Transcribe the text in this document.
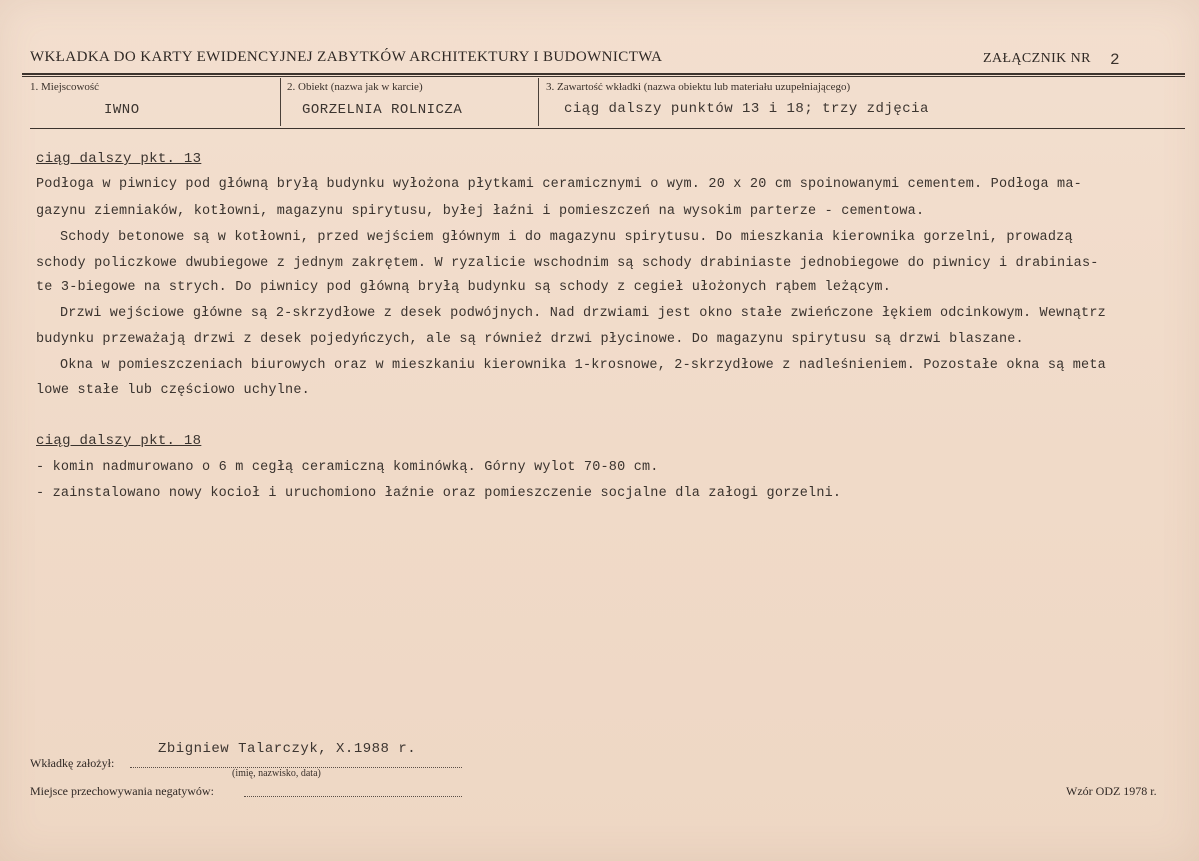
WKŁADKA DO KARTY EWIDENCYJNEJ ZABYTKÓW ARCHITEKTURY I BUDOWNICTWA	ZAŁĄCZNIK NR 2
1. Miejscowość
IWNO
2. Obiekt (nazwa jak w karcie)
GORZELNIA ROLNICZA
3. Zawartość wkładki (nazwa obiektu lub materiału uzupełniającego)
ciąg dalszy punktów 13 i 18; trzy zdjęcia
ciąg dalszy pkt. 13
Podłoga w piwnicy pod główną bryłą budynku wyłożona płytkami ceramicznymi o wym. 20 x 20 cm spoinowanymi cementem. Podłoga ma-
gazynu ziemniaków, kotłowni, magazynu spirytusu, byłej łaźni i pomieszczeń na wysokim parterze - cementowa.
Schody betonowe są w kotłowni, przed wejściem głównym i do magazynu spirytusu. Do mieszkania kierownika gorzelni, prowadzą
schody policzkowe dwubiegowe z jednym zakrętem. W ryzalicie wschodnim są schody drabiniaste jednobiegowe do piwnicy i drabinias-
te 3-biegowe na strych. Do piwnicy pod główną bryłą budynku są schody z cegieł ułożonych rąbem leżącym.
Drzwi wejściowe główne są 2-skrzydłowe z desek podwójnych. Nad drzwiami jest okno stałe zwieńczone łękiem odcinkowym. Wewnątrz
budynku przeważają drzwi z desek pojedyńczych, ale są również drzwi płycinowe. Do magazynu spirytusu są drzwi blaszane.
Okna w pomieszczeniach biurowych oraz w mieszkaniu kierownika 1-krosnowe, 2-skrzydłowe z nadleśnieniem. Pozostałe okna są meta
lowe stałe lub częściowo uchylne.
ciąg dalszy pkt. 18
- komin nadmurowano o 6 m cegłą ceramiczną kominówką. Górny wylot 70-80 cm.
- zainstalowano nowy kocioł i uruchomiono łaźnie oraz pomieszczenie socjalne dla załogi gorzelni.
Wkładkę założył:
Zbigniew Talarczyk, X.1988 r.
(imię, nazwisko, data)
Miejsce przechowywania negatywów:	Wzór ODZ 1978 r.
